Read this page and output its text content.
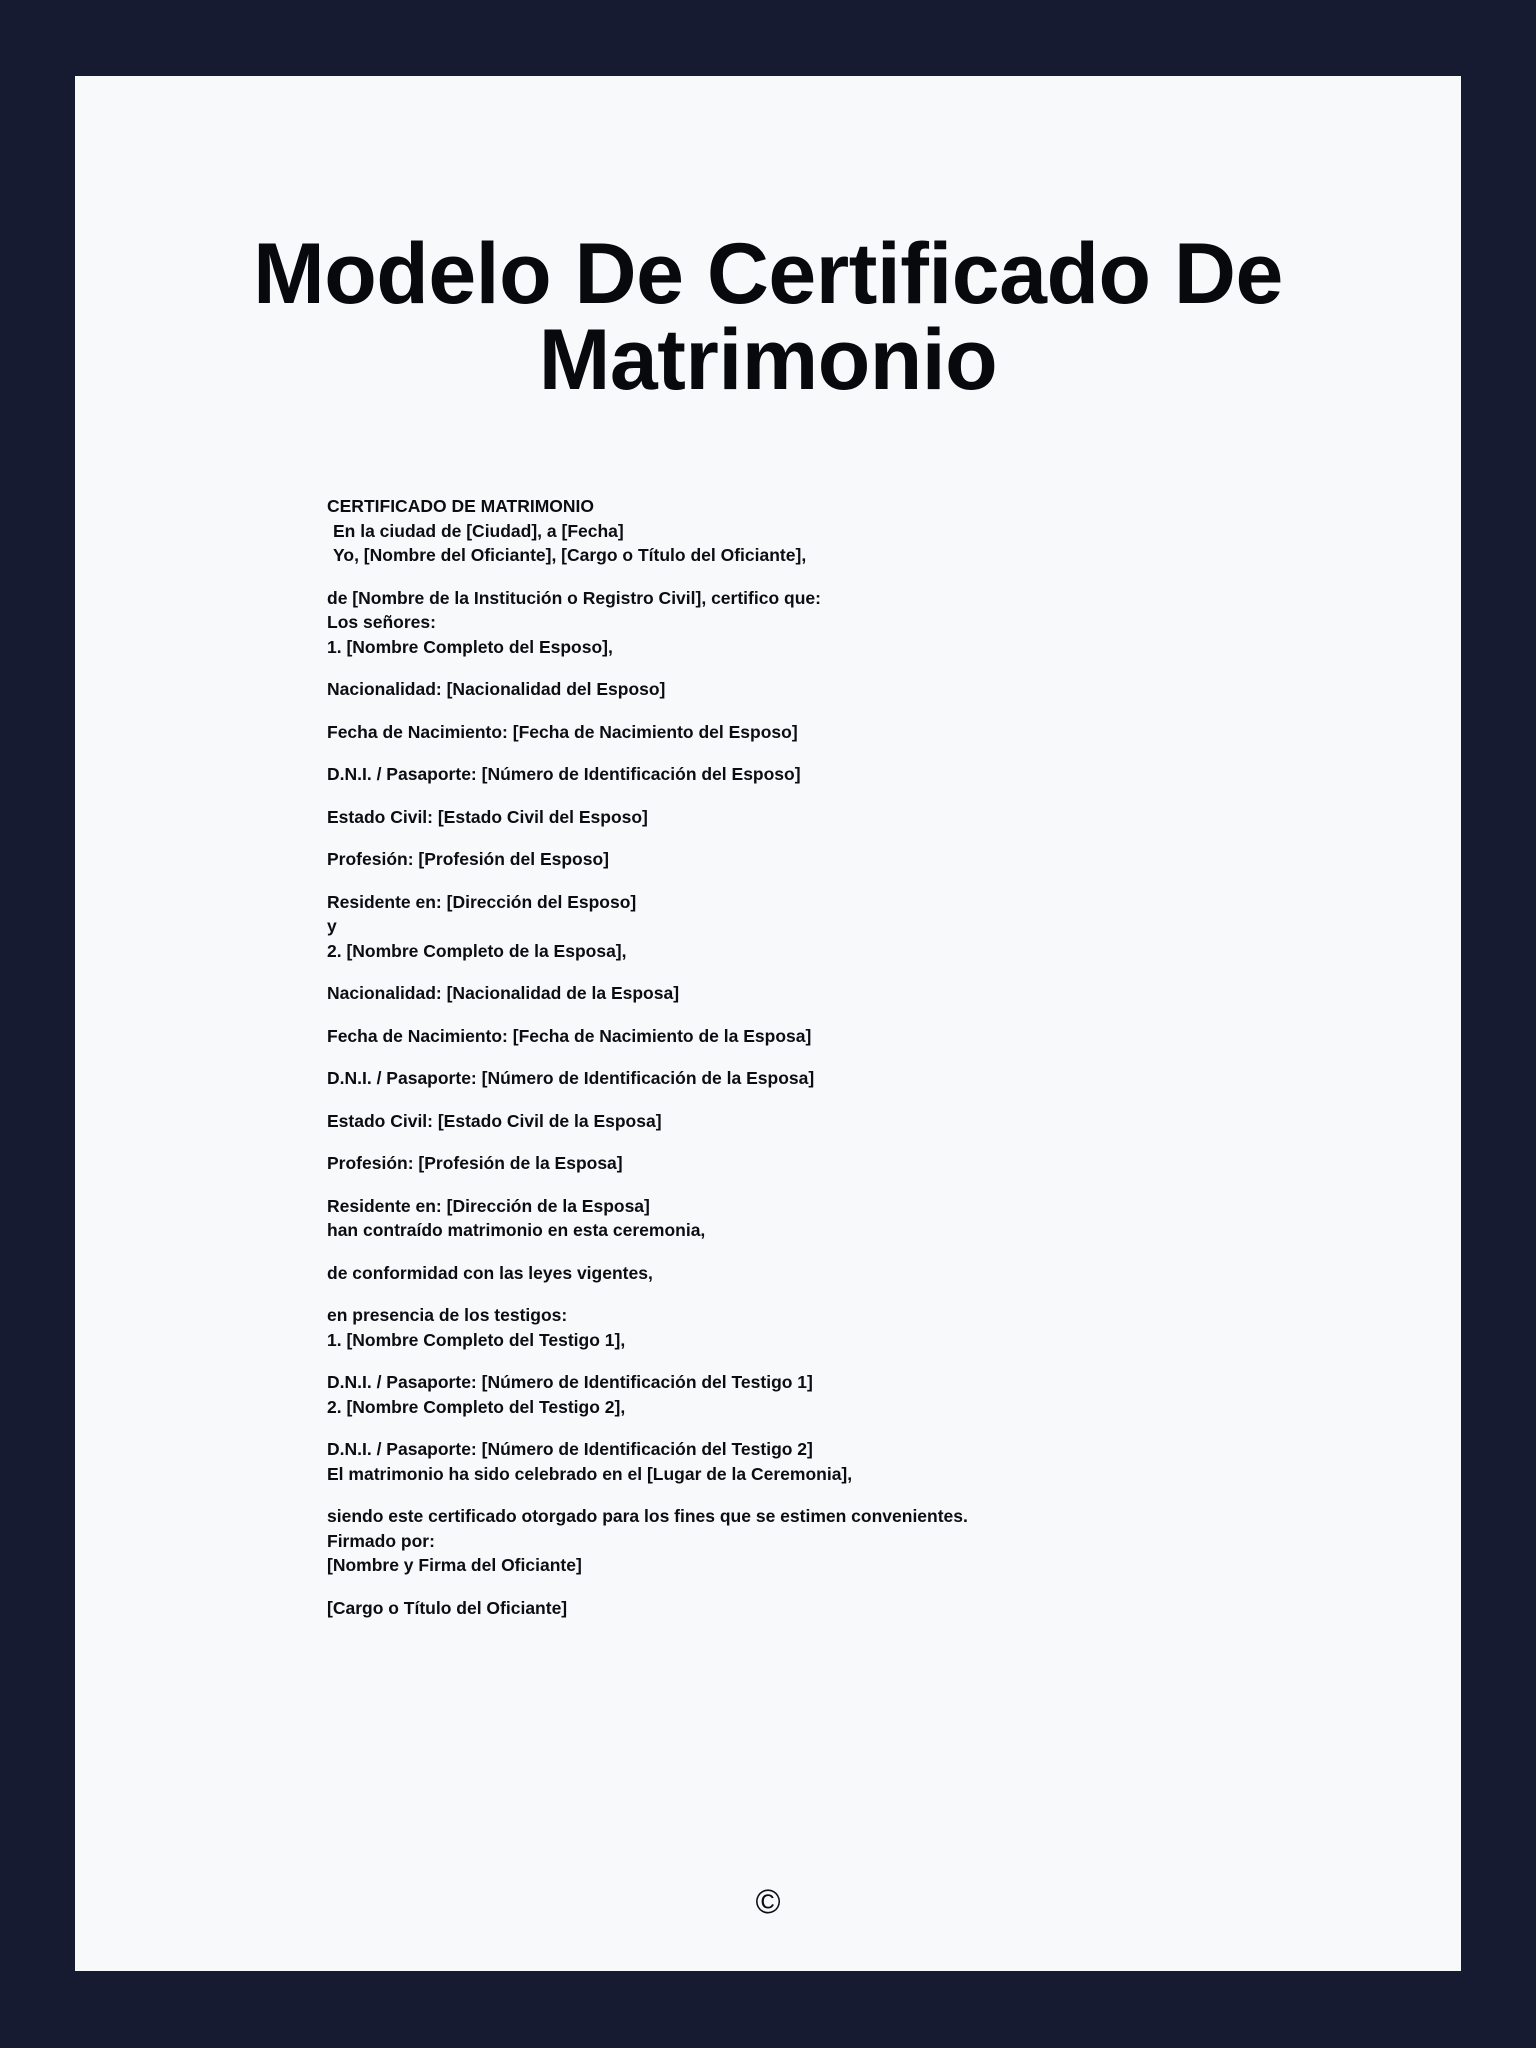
Modelo De Certificado De Matrimonio

CERTIFICADO DE MATRIMONIO

En la ciudad de [Ciudad], a [Fecha]

Yo, [Nombre del Oficiante], [Cargo o Título del Oficiante],

de [Nombre de la Institución o Registro Civil], certifico que:

Los señores:

1. [Nombre Completo del Esposo],

Nacionalidad: [Nacionalidad del Esposo]

Fecha de Nacimiento: [Fecha de Nacimiento del Esposo]

D.N.I. / Pasaporte: [Número de Identificación del Esposo]

Estado Civil: [Estado Civil del Esposo]

Profesión: [Profesión del Esposo]

Residente en: [Dirección del Esposo]

y

2. [Nombre Completo de la Esposa],

Nacionalidad: [Nacionalidad de la Esposa]

Fecha de Nacimiento: [Fecha de Nacimiento de la Esposa]

D.N.I. / Pasaporte: [Número de Identificación de la Esposa]

Estado Civil: [Estado Civil de la Esposa]

Profesión: [Profesión de la Esposa]

Residente en: [Dirección de la Esposa]

han contraído matrimonio en esta ceremonia,

de conformidad con las leyes vigentes,

en presencia de los testigos:

1. [Nombre Completo del Testigo 1],

D.N.I. / Pasaporte: [Número de Identificación del Testigo 1]

2. [Nombre Completo del Testigo 2],

D.N.I. / Pasaporte: [Número de Identificación del Testigo 2]

El matrimonio ha sido celebrado en el [Lugar de la Ceremonia],

siendo este certificado otorgado para los fines que se estimen convenientes.

Firmado por:

[Nombre y Firma del Oficiante]

[Cargo o Título del Oficiante]

©
